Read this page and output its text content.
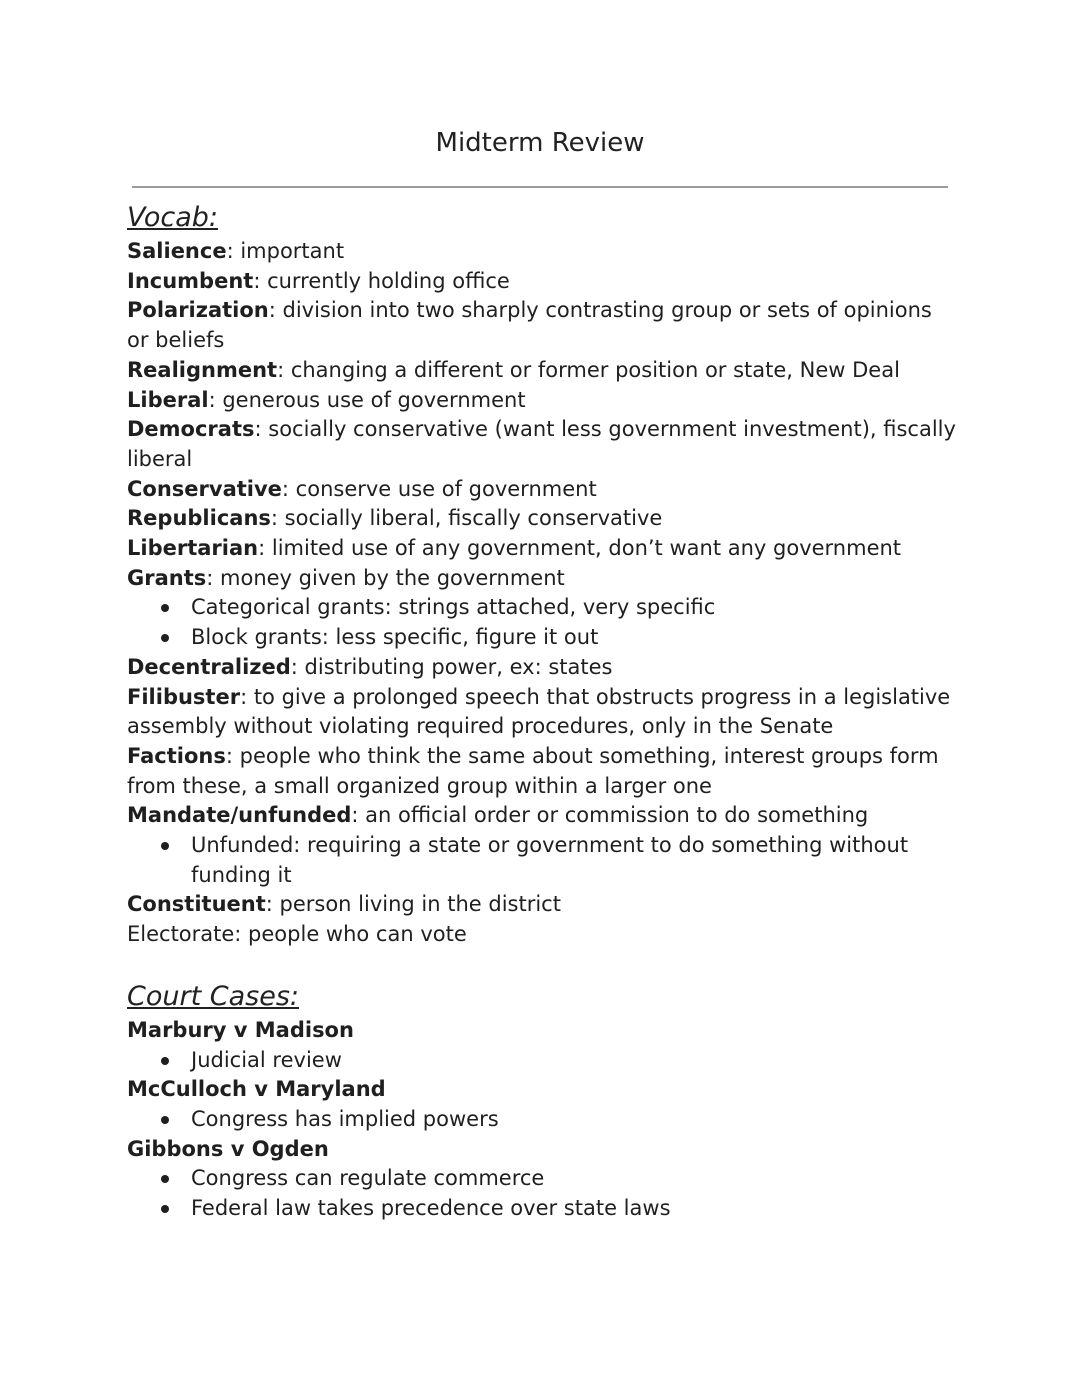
Midterm Review

Vocab:

Salience: important

Incumbent: currently holding office

Polarization: division into two sharply contrasting group or sets of opinions or beliefs

Realignment: changing a different or former position or state, New Deal

Liberal: generous use of government

Democrats: socially conservative (want less government investment), fiscally liberal

Conservative: conserve use of government

Republicans: socially liberal, fiscally conservative

Libertarian: limited use of any government, don’t want any government

Grants: money given by the government

Categorical grants: strings attached, very specific
Block grants: less specific, figure it out

Decentralized: distributing power, ex: states

Filibuster: to give a prolonged speech that obstructs progress in a legislative assembly without violating required procedures, only in the Senate

Factions: people who think the same about something, interest groups form from these, a small organized group within a larger one

Mandate/unfunded: an official order or commission to do something

Unfunded: requiring a state or government to do something without funding it

Constituent: person living in the district

Electorate: people who can vote

Court Cases:

Marbury v Madison

Judicial review

McCulloch v Maryland

Congress has implied powers

Gibbons v Ogden

Congress can regulate commerce
Federal law takes precedence over state laws
